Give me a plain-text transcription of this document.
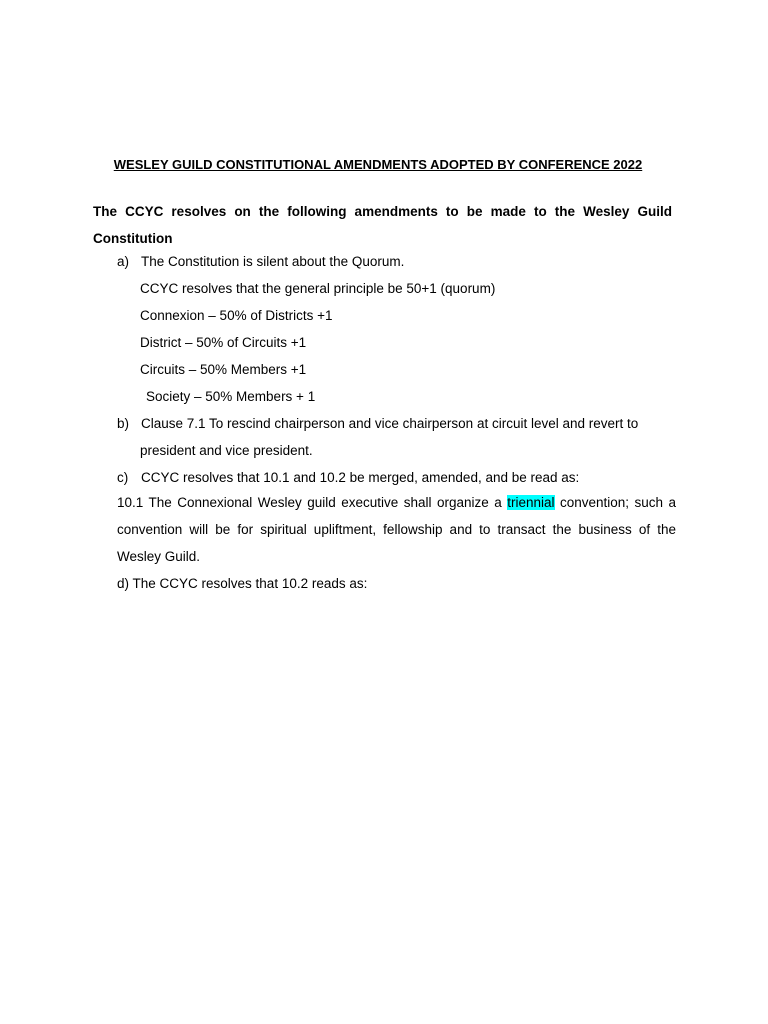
WESLEY GUILD CONSTITUTIONAL AMENDMENTS ADOPTED BY CONFERENCE 2022
The CCYC resolves on the following amendments to be made to the Wesley Guild Constitution
a) The Constitution is silent about the Quorum.
CCYC resolves that the general principle be 50+1 (quorum)
Connexion – 50% of Districts +1
District – 50% of Circuits +1
Circuits – 50% Members +1
Society – 50% Members + 1
b) Clause 7.1 To rescind chairperson and vice chairperson at circuit level and revert to
president and vice president.
c) CCYC resolves that 10.1 and 10.2 be merged, amended, and be read as:
10.1 The Connexional Wesley guild executive shall organize a triennial convention; such a convention will be for spiritual upliftment, fellowship and to transact the business of the Wesley Guild.
d) The CCYC resolves that 10.2 reads as:
